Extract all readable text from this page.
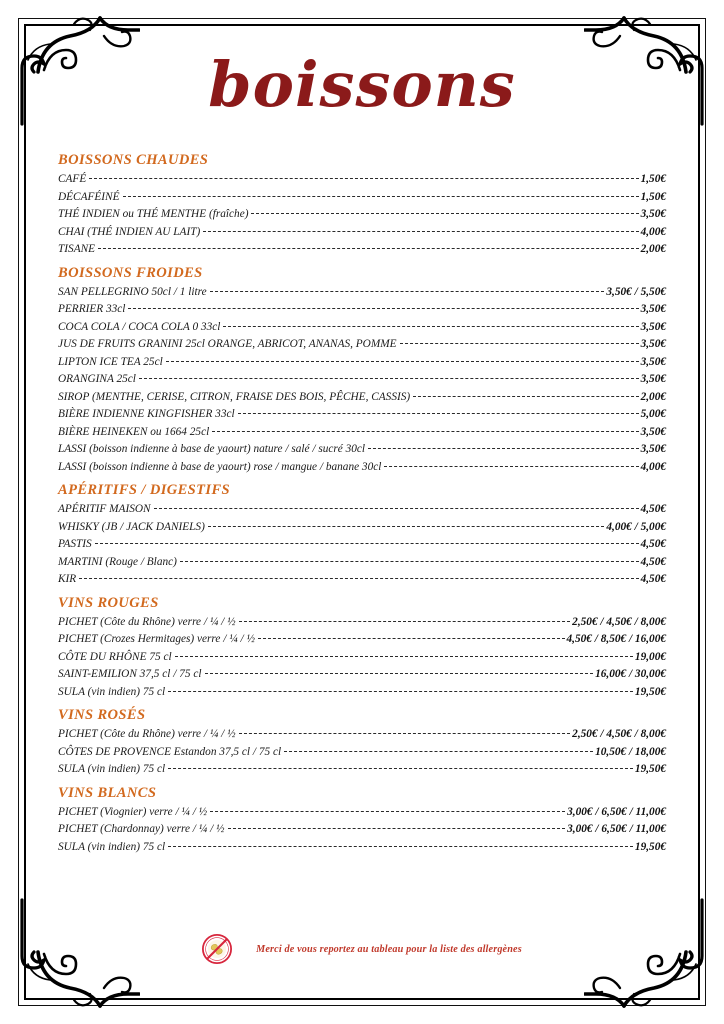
boissons
BOISSONS CHAUDES
CAFÉ	1,50€
DÉCAFÉINÉ	1,50€
THÉ INDIEN ou THÉ MENTHE (fraîche)	3,50€
CHAI (THÉ INDIEN AU LAIT)	4,00€
TISANE	2,00€
BOISSONS FROIDES
SAN PELLEGRINO 50cl / 1 litre	3,50€ / 5,50€
PERRIER 33cl	3,50€
COCA COLA / COCA COLA 0 33cl	3,50€
JUS DE FRUITS GRANINI 25cl ORANGE, ABRICOT, ANANAS, POMME	3,50€
LIPTON ICE TEA 25cl	3,50€
ORANGINA 25cl	3,50€
SIROP (MENTHE, CERISE, CITRON, FRAISE DES BOIS, PÊCHE, CASSIS)	2,00€
BIÈRE INDIENNE KINGFISHER 33cl	5,00€
BIÈRE HEINEKEN ou 1664 25cl	3,50€
LASSI (boisson indienne à base de yaourt) nature / salé / sucré 30cl	3,50€
LASSI (boisson indienne à base de yaourt) rose / mangue / banane 30cl	4,00€
APÉRITIFS / DIGESTIFS
APÉRITIF MAISON	4,50€
WHISKY (JB / JACK DANIELS)	4,00€ / 5,00€
PASTIS	4,50€
MARTINI (Rouge / Blanc)	4,50€
KIR	4,50€
VINS ROUGES
PICHET (Côte du Rhône) verre / ¼ / ½	2,50€ / 4,50€ / 8,00€
PICHET (Crozes Hermitages) verre / ¼ / ½	4,50€ / 8,50€ / 16,00€
CÔTE DU RHÔNE 75 cl	19,00€
SAINT-EMILION 37,5 cl / 75 cl	16,00€ / 30,00€
SULA (vin indien) 75 cl	19,50€
VINS ROSÉS
PICHET (Côte du Rhône) verre / ¼ / ½	2,50€ / 4,50€ / 8,00€
CÔTES DE PROVENCE Estandon 37,5 cl / 75 cl	10,50€ / 18,00€
SULA (vin indien) 75 cl	19,50€
VINS BLANCS
PICHET (Viognier) verre / ¼ / ½	3,00€ / 6,50€ / 11,00€
PICHET (Chardonnay) verre / ¼ / ½	3,00€ / 6,50€ / 11,00€
SULA (vin indien) 75 cl	19,50€
Merci de vous reportez au tableau pour la liste des allergènes
